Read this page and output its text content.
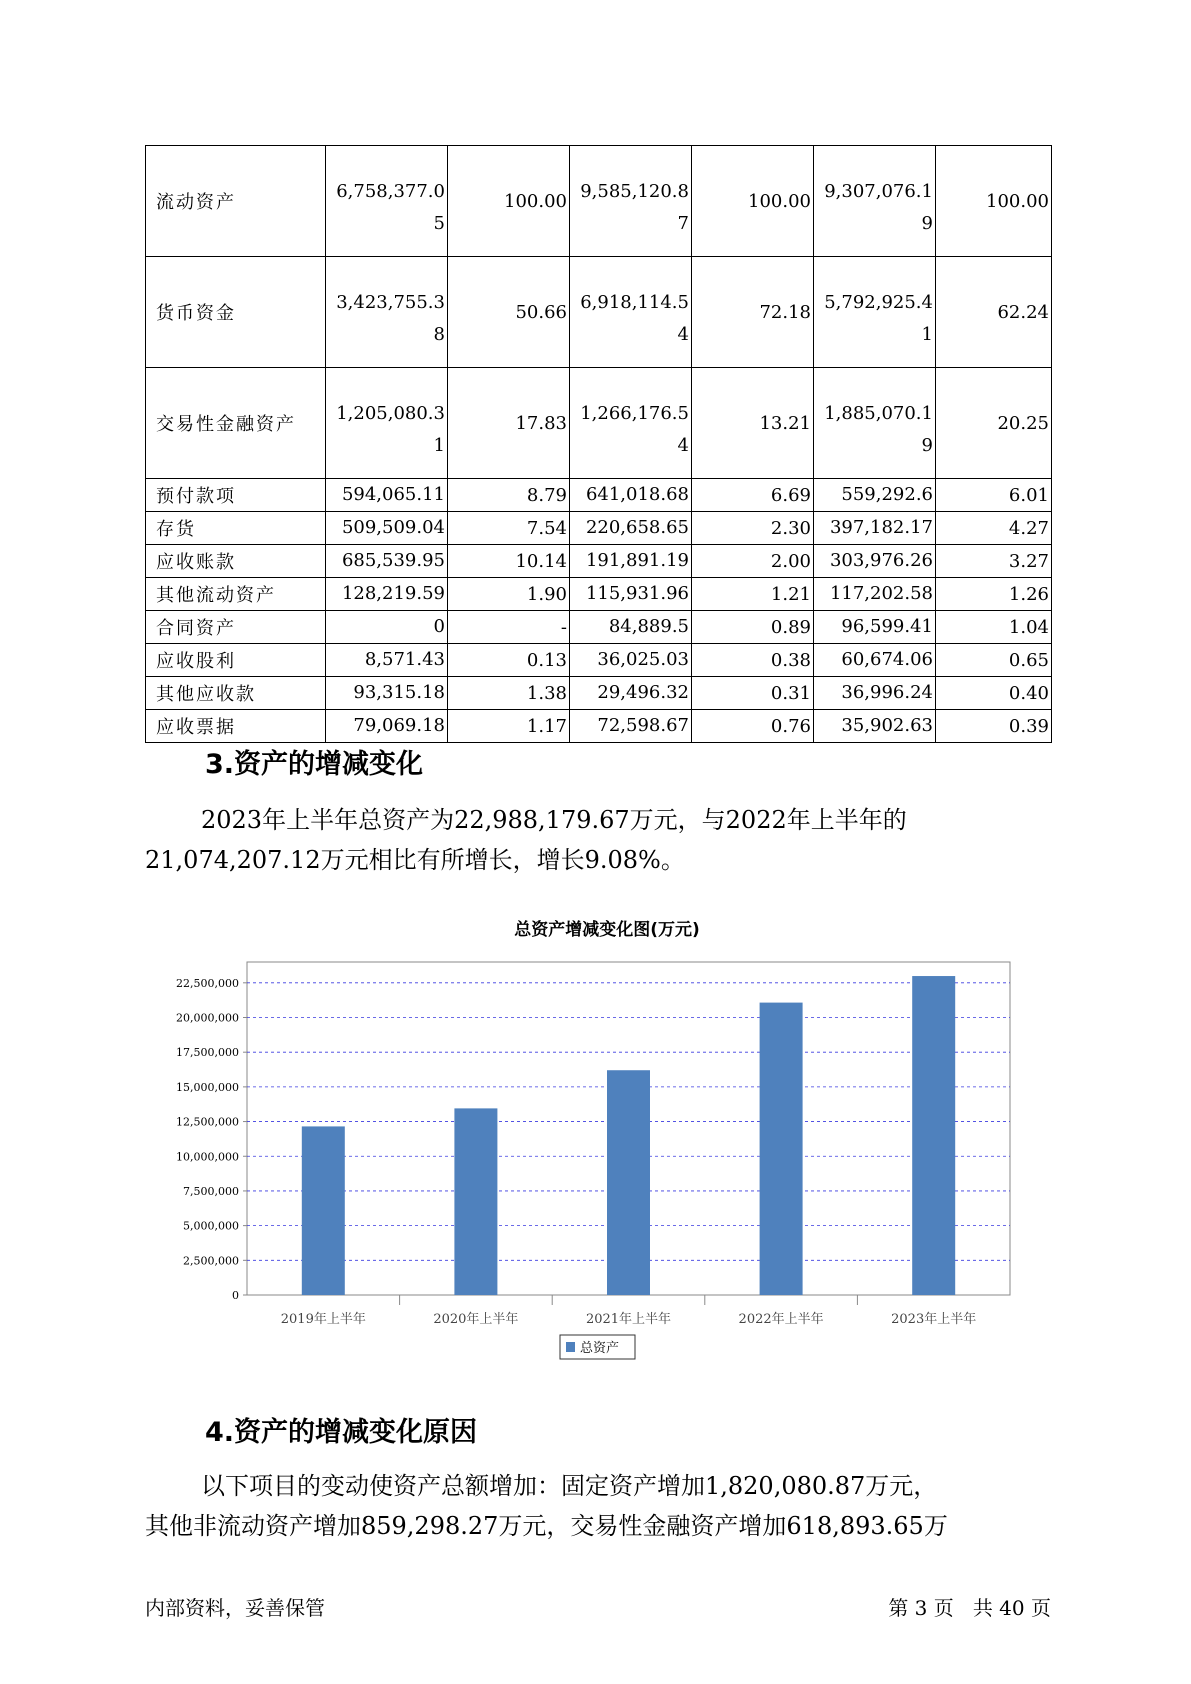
流动资产	6,758,377.05	100.00	9,585,120.87	100.00	9,307,076.19	100.00
货币资金	3,423,755.38	50.66	6,918,114.54	72.18	5,792,925.41	62.24
交易性金融资产	1,205,080.31	17.83	1,266,176.54	13.21	1,885,070.19	20.25
预付款项	594,065.11	8.79	641,018.68	6.69	559,292.6	6.01
存货	509,509.04	7.54	220,658.65	2.30	397,182.17	4.27
应收账款	685,539.95	10.14	191,891.19	2.00	303,976.26	3.27
其他流动资产	128,219.59	1.90	115,931.96	1.21	117,202.58	1.26
合同资产	0	-	84,889.5	0.89	96,599.41	1.04
应收股利	8,571.43	0.13	36,025.03	0.38	60,674.06	0.65
其他应收款	93,315.18	1.38	29,496.32	0.31	36,996.24	0.40
应收票据	79,069.18	1.17	72,598.67	0.76	35,902.63	0.39
3.资产的增减变化

2023年上半年总资产为22,988,179.67万元，与2022年上半年的
21,074,207.12万元相比有所增长，增长9.08%。

总资产增减变化图(万元)
0
2,500,000
5,000,000
7,500,000
10,000,000
12,500,000
15,000,000
17,500,000
20,000,000
22,500,000
2019年上半年	2020年上半年	2021年上半年	2022年上半年	2023年上半年
总资产
4.资产的增减变化原因

以下项目的变动使资产总额增加：固定资产增加1,820,080.87万元，
其他非流动资产增加859,298.27万元，交易性金融资产增加618,893.65万

内部资料，妥善保管	第 3 页   共 40 页
